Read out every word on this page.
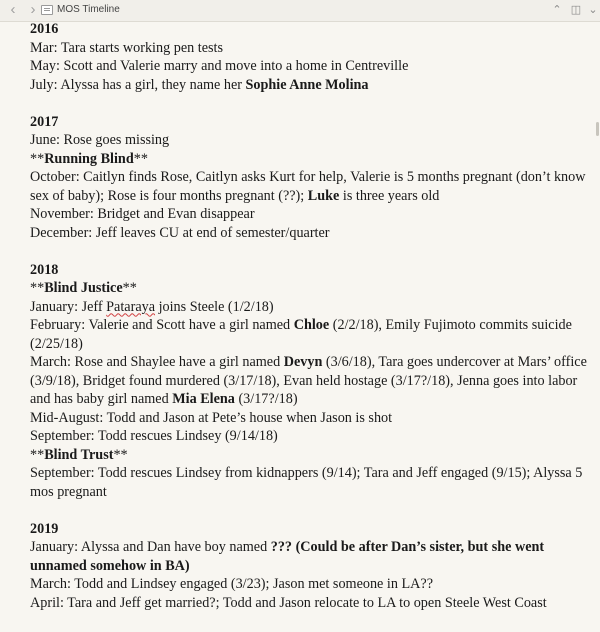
‹	›	MOS Timeline	⌃ ◫ ⌄

2016

Mar: Tara starts working pen tests

May: Scott and Valerie marry and move into a home in Centreville

July: Alyssa has a girl, they name her Sophie Anne Molina

2017

June: Rose goes missing

**Running Blind**

October: Caitlyn finds Rose, Caitlyn asks Kurt for help, Valerie is 5 months pregnant (don’t know sex of baby); Rose is four months pregnant (??); Luke is three years old

November: Bridget and Evan disappear

December: Jeff leaves CU at end of semester/quarter

2018

**Blind Justice**

January: Jeff Pataraya joins Steele (1/2/18)

February: Valerie and Scott have a girl named Chloe (2/2/18), Emily Fujimoto commits suicide (2/25/18)

March: Rose and Shaylee have a girl named Devyn (3/6/18), Tara goes undercover at Mars’ office (3/9/18), Bridget found murdered (3/17/18), Evan held hostage (3/17?/18), Jenna goes into labor and has baby girl named Mia Elena (3/17?/18)

Mid-August: Todd and Jason at Pete’s house when Jason is shot

September: Todd rescues Lindsey (9/14/18)

**Blind Trust**

September: Todd rescues Lindsey from kidnappers (9/14); Tara and Jeff engaged (9/15); Alyssa 5 mos pregnant

2019

January: Alyssa and Dan have boy named ??? (Could be after Dan’s sister, but she went unnamed somehow in BA)

March: Todd and Lindsey engaged (3/23); Jason met someone in LA??

April: Tara and Jeff get married?; Todd and Jason relocate to LA to open Steele West Coast
